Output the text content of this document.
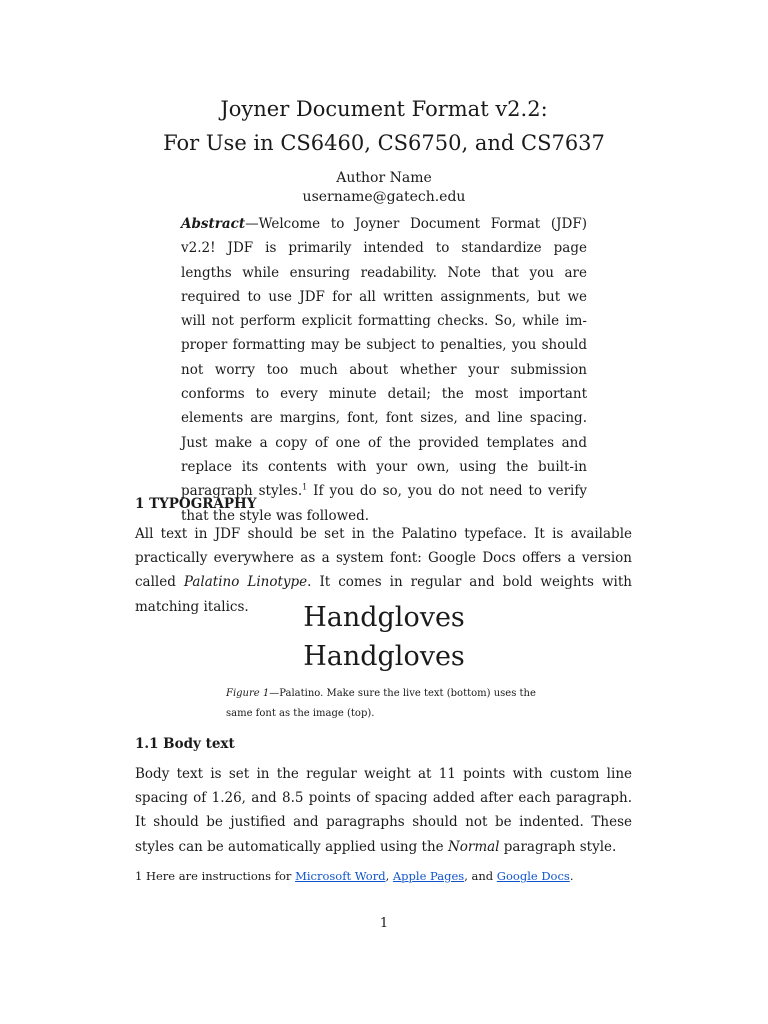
Joyner Document Format v2.2:
For Use in CS6460, CS6750, and CS7637
Author Name
username@gatech.edu
Abstract—Welcome to Joyner Document Format (JDF) v2.2! JDF is primarily intended to standardize page lengths while ensuring readability. Note that you are required to use JDF for all written assignments, but we will not perform explicit formatting checks. So, while im-proper formatting may be subject to penalties, you should not worry too much about whether your submission conforms to every minute detail; the most important elements are margins, font, font sizes, and line spacing. Just make a copy of one of the provided templates and replace its contents with your own, using the built-in paragraph styles.$^1$ If you do so, you do not need to verify that the style was followed.
1 TYPOGRAPHY
All text in JDF should be set in the Palatino typeface. It is available practically everywhere as a system font: Google Docs offers a version called Palatino Linotype. It comes in regular and bold weights with matching italics.	Handgloves
Handgloves
Figure 1—Palatino. Make sure the live text (bottom) uses the same font as the image (top).
1.1 Body text
Body text is set in the regular weight at 11 points with custom line spacing of 1.26, and 8.5 points of spacing added after each paragraph. It should be justified and paragraphs should not be indented. These styles can be automatically applied using the Normal paragraph style.
1 Here are instructions for Microsoft Word, Apple Pages, and Google Docs.
1
